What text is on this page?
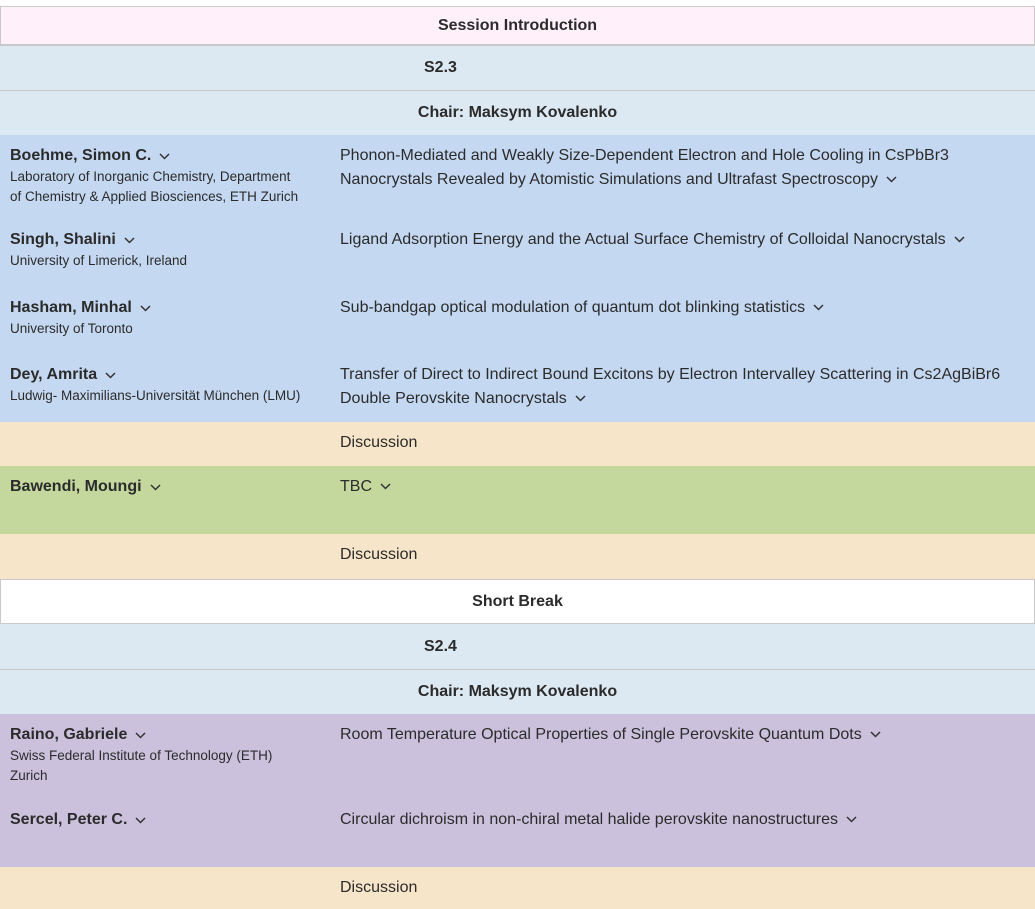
Session Introduction
S2.3
Chair: Maksym Kovalenko
Boehme, Simon C.
Laboratory of Inorganic Chemistry, Department
of Chemistry & Applied Biosciences, ETH Zurich
Phonon-Mediated and Weakly Size-Dependent Electron and Hole Cooling in CsPbBr3
Nanocrystals Revealed by Atomistic Simulations and Ultrafast Spectroscopy
Singh, Shalini
University of Limerick, Ireland
Ligand Adsorption Energy and the Actual Surface Chemistry of Colloidal Nanocrystals
Hasham, Minhal
University of Toronto
Sub-bandgap optical modulation of quantum dot blinking statistics
Dey, Amrita
Ludwig- Maximilians-Universität München (LMU)
Transfer of Direct to Indirect Bound Excitons by Electron Intervalley Scattering in Cs2AgBiBr6
Double Perovskite Nanocrystals
Discussion
Bawendi, Moungi	TBC
Discussion
Short Break
S2.4
Chair: Maksym Kovalenko
Raino, Gabriele
Swiss Federal Institute of Technology (ETH)
Zurich
Room Temperature Optical Properties of Single Perovskite Quantum Dots
Sercel, Peter C.	Circular dichroism in non-chiral metal halide perovskite nanostructures
Discussion
